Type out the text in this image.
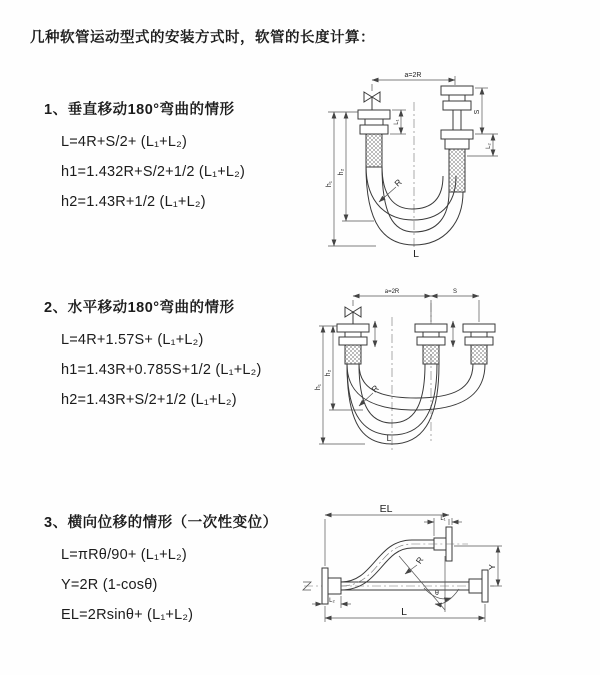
几种软管运动型式的安装方式时，软管的长度计算：
1、垂直移动180°弯曲的情形
L=4R+S/2+ (L₁+L₂)
h1=1.432R+S/2+1/2 (L₁+L₂)
h2=1.43R+1/2 (L₁+L₂)
a=2R
h₁
h₂
L₁
S
L₂
R
L
2、水平移动180°弯曲的情形
L=4R+1.57S+ (L₁+L₂)
h1=1.43R+0.785S+1/2 (L₁+L₂)
h2=1.43R+S/2+1/2 (L₁+L₂)
a=2R	S
h₁
h₂
R
L
3、横向位移的情形（一次性变位）
L=πRθ/90+ (L₁+L₂)
Y=2R (1-cosθ)
EL=2Rsinθ+ (L₁+L₂)
θ
R
EL
L₁
Y
L₂
L
